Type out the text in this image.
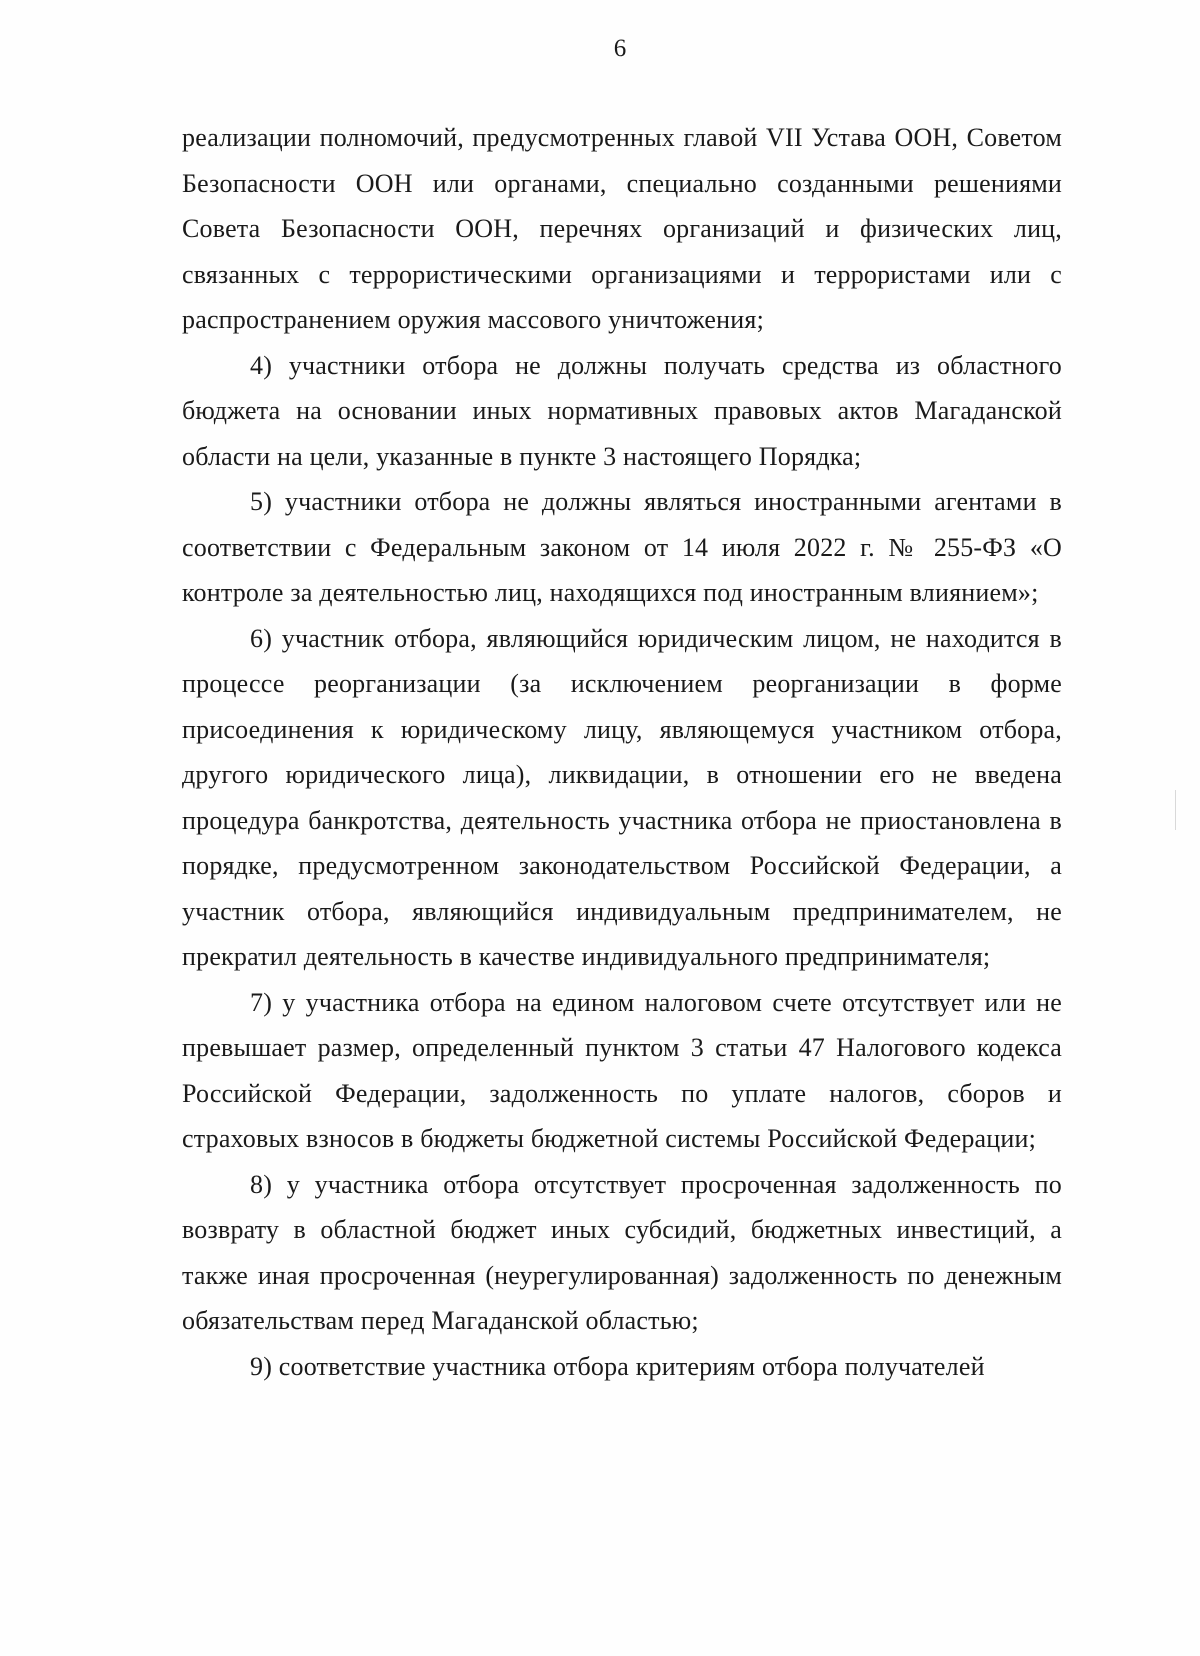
6

реализации полномочий, предусмотренных главой VII Устава ООН, Советом Безопасности ООН или органами, специально созданными решениями Совета Безопасности ООН, перечнях организаций и физических лиц, связанных с террористическими организациями и террористами или с распространением оружия массового уничтожения;

4) участники отбора не должны получать средства из областного бюджета на основании иных нормативных правовых актов Магаданской области на цели, указанные в пункте 3 настоящего Порядка;

5) участники отбора не должны являться иностранными агентами в соответствии с Федеральным законом от 14 июля 2022 г. № 255-ФЗ «О контроле за деятельностью лиц, находящихся под иностранным влиянием»;

6) участник отбора, являющийся юридическим лицом, не находится в процессе реорганизации (за исключением реорганизации в форме присоединения к юридическому лицу, являющемуся участником отбора, другого юридического лица), ликвидации, в отношении его не введена процедура банкротства, деятельность участника отбора не приостановлена в порядке, предусмотренном законодательством Российской Федерации, а участник отбора, являющийся индивидуальным предпринимателем, не прекратил деятельность в качестве индивидуального предпринимателя;

7) у участника отбора на едином налоговом счете отсутствует или не превышает размер, определенный пунктом 3 статьи 47 Налогового кодекса Российской Федерации, задолженность по уплате налогов, сборов и страховых взносов в бюджеты бюджетной системы Российской Федерации;

8) у участника отбора отсутствует просроченная задолженность по возврату в областной бюджет иных субсидий, бюджетных инвестиций, а также иная просроченная (неурегулированная) задолженность по денежным обязательствам перед Магаданской областью;

9) соответствие участника отбора критериям отбора получателей
